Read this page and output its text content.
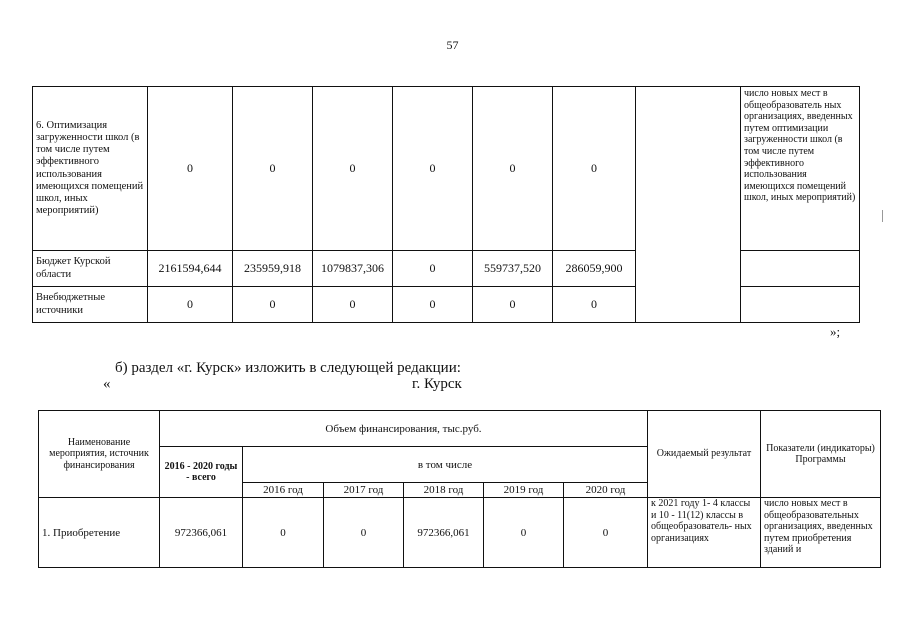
57
6. Оптимизация загруженности школ (в том числе путем эффективного использования имеющихся помещений школ, иных мероприятий)	0	0	0	0	0	0		число новых мест в общеобразователь ных организациях, введенных путем оптимизации загруженности школ (в том числе путем эффективного использования имеющихся помещений школ, иных мероприятий)
Бюджет Курской области	2161594,644	235959,918	1079837,306	0	559737,520	286059,900		
Внебюджетные источники	0	0	0	0	0	0		
»;
б) раздел «г. Курск» изложить в следующей редакции:
«	г. Курск
Наименование мероприятия, источник финансирования	Объем финансирования, тыс.руб.						Ожидаемый результат	Показатели (индикаторы) Программы
	2016 - 2020 годы - всего	в том числе						
		2016 год	2017 год	2018 год	2019 год	2020 год		
1. Приобретение	972366,061	0	0	972366,061	0	0	к 2021 году 1- 4 классы и 10 - 11(12) классы в общеобразователь- ных организациях	число новых мест в общеобразовательных организациях, введенных путем приобретения зданий и
